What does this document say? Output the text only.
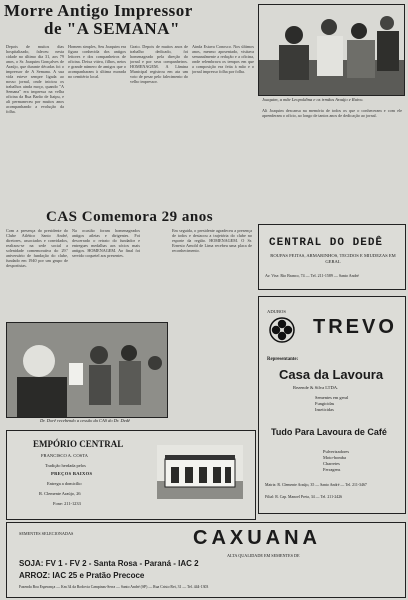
Morre Antigo Impressor
de "A SEMANA"
Joaquim, a mãe Leopoldina e os irmãos Araújo e Ruivo.
Depois de muitos dias hospitalizado, faleceu nesta cidade no último dia 31, aos 79 anos, o Sr. Joaquim Gonçalves de Araújo, que durante décadas foi o impressor de A Semana. A sua vida esteve sempre ligada ao nosso jornal, onde iniciou os trabalhos ainda moço, quando "A Semana" era impressa na velha oficina da Rua Barão de Itaipu, e ali permaneceu por muitos anos acompanhando a evolução da folha.
Homem simples, Seu Joaquim era figura conhecida dos antigos leitores e dos companheiros de oficina. Deixa viúva, filhos, netos e grande número de amigos que o acompanharam à última morada no cemitério local.
Grato. Depois de muitos anos de trabalho dedicado, foi homenageado pela direção do jornal e por seus companheiros. HOMENAGEM. A Lâmina Municipal registrou em ata um voto de pesar pelo falecimento do velho impressor.
Ainda Estava Conosco. Nos últimos anos, mesmo aposentado, visitava semanalmente a redação e a oficina, onde relembrava os tempos em que a composição era feita à mão e o jornal impresso folha por folha.
Ali Joaquim descansa na memória de todos os que o conheceram e com ele aprenderam o ofício, ao longo de tantos anos de dedicação ao jornal.
CAS Comemora 29 anos
Com a presença do presidente do Clube Atlético Santo André, diretores, associados e convidados, realizou-se na sede social a solenidade comemorativa do 29.º aniversário de fundação do clube, fundado em 1940 por um grupo de desportistas.
Na ocasião foram homenageados antigos atletas e dirigentes. Foi descerrado o retrato do fundador e entregues medalhas aos sócios mais antigos. HOMENAGEM. Ao final foi servido coquetel aos presentes.
Em seguida, o presidente agradeceu a presença de todos e destacou a trajetória do clube no esporte da região. HOMENAGEM. O Sr. Ernesto Arnold de Lima recebeu uma placa de reconhecimento.
Dr. Dorê recebendo a cessão da CAS do Dr. Dedê
CENTRAL DO DEDÊ
ROUPAS FEITAS, ARMARINHOS, TECIDOS E MIUDEZAS EM GERAL
Av. Vise. Rio Branco, 74 — Tel. 211-1589 — Santo André
ADUBOS
TREVO
Representante:
Casa da Lavoura
Rezende & Silva LTDA.
Sementes em geral
Fungicidas
Inseticidas
Tudo Para Lavoura de Café
Pulverizadores
Moto-bomba
Charretes
Ferragens
Matriz: R. Clemente Araújo, 35 — Santo André — Tel. 211-3467
Filial: R. Cap. Manoel Preta, 34 — Tel. 211-2426
EMPÓRIO CENTRAL
FRANCISCO A. COSTA
Tradição herdada pelos
PREÇOS BAIXOS
Entrega a domicílio
R. Clemente Araújo, 26
Fone: 211-1233
SEMENTES SELECIONADAS	CAXUANA
ALTA QUALIDADE EM SEMENTES DE
SOJA: FV 1 - FV 2 - Santa Rosa - Paraná - IAC 2
ARROZ: IAC 25 e Pratão Precoce
Fazenda Boa Esperança — Km 34 da Rodovia Campinas-Serra — Santo André (SP) — Rua Cristo Rei, 31 — Tel. 444-1303
